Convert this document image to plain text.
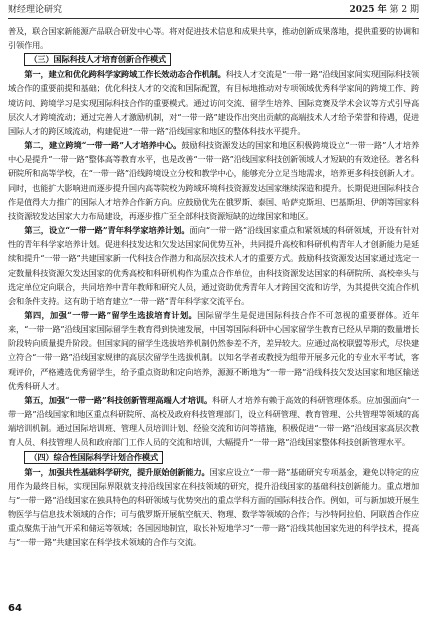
财经理论研究	2025 年 第 2 期

普及，联合国家新能源产品联合研发中心等。将对促进技术信息和成果共享，推动创新成果落地，提供重要的协调和引领作用。

（三）国际科技人才培育创新合作模式

第一，建立和优化跨科学家跨域工作长效动态合作机制。科技人才交流是“一带一路”沿线国家间实现国际科技领域合作的重要前提和基础；优化科技人才的交流和国际配置，有目标地推动对专项领域优秀科学家间的跨境工作、跨境访问、跨境学习是实现国际科技合作的重要模式。通过访问交流、留学生培养、国际竞赛及学术会议等方式引导高层次人才跨境流动；通过完善人才激励机制，对“一带一路”建设作出突出贡献的高端技术人才给予荣誉和待遇，促进国际人才的跨区域流动，构建促进“一带一路”沿线国家和地区的整体科技水平提升。

第二，建立跨境“一带一路”人才培养中心。鼓励科技资源发达的国家和地区积极跨境设立“一带一路”人才培养中心是提升“一带一路”整体高等教育水平，也是改善“一带一路”沿线国家科技创新领域人才短缺的有效途径。著名科研院所和高等学校，在“一带一路”沿线跨境设立分校和教学中心，能够充分立足当地需求，培养更多科技创新人才。同时，也能扩大影响进而逐步提升国内高等院校为跨域环境科技资源发达国家继续深造和提升。长期促进国际科技合作是值得大力推广的国际人才培养合作新方向。应鼓励优先在俄罗斯、泰国、哈萨克斯坦、巴基斯坦、伊朗等国家科技资源较发达国家大力布局建设，再逐步推广至全部科技资源短缺的边缘国家和地区。

第三，设立“一带一路”青年科学家培养计划。面向“一带一路”沿线国家重点和紧领域的科研领域，开设有针对性的青年科学家培养计划。促进科技发达和欠发达国家间优势互补，共同提升高校和科研机构青年人才创新能力是延续和提升“一带一路”共建国家新一代科技合作潜力和高层次技术人才的重要方式。鼓励科技资源发达国家通过选定一定数量科技资源欠发达国家的优秀高校和科研机构作为重点合作单位，由科技资源发达国家的科研院所、高校牵头与选定单位定向联合，共同培养中青年教师和研究人员，通过资助优秀青年人才跨国交流和访学，为其提供交流合作机会和条件支持。这有助于培育建立“一带一路”青年科学家交流平台。

第四，加强“一带一路”留学生选拔培育计划。国际留学生是促进国际科技合作不可忽视的重要群体。近年来，“一带一路”沿线国家国际留学生教育得到快速发展，中国等国际科研中心国家留学生教育已经从早期的数量增长阶段转向质量提升阶段。但国家间的留学生选拔培养机制仍然参差不齐，差异较大。应通过高校联盟等形式，尽快建立符合“一带一路”沿线国家规律的高层次留学生选拔机制。以知名学者或教授为组带开展多元化的专业水平考试，客观评价，严格遴选优秀留学生，给予重点资助和定向培养，源源不断地为“一带一路”沿线科技欠发达国家和地区输送优秀科研人才。

第五，加强“一带一路”科技创新管理高端人才培训。科研人才培养有赖于高效的科研管理体系。应加强面向“一带一路”沿线国家和地区重点科研院所、高校及政府科技管理部门，设立科研管理、教育管理、公共管理等领域的高端培训机制。通过国际培训班、管理人员培训计划、经验交流和访问等措施，积极促进“一带一路”沿线国家高层次教育人员、科技管理人员和政府部门工作人员的交流和培训，大幅提升“一带一路”沿线国家整体科技创新管理水平。

（四）综合性国际科学计划合作模式

第一，加强共性基础科学研究，提升原始创新能力。国家应设立“一带一路”基础研究专项基金，避免以特定的应用作为最终目标，实现国际界限就支持沿线国家在科技领域的研究，提升沿线国家的基础科技创新能力。重点增加与“一带一路”沿线国家在独具特色的科研领域与优势突出的重点学科方面的国际科技合作。例如，可与新加坡开展生物医学与信息技术领域的合作；可与俄罗斯开展航空航天、物理、数学等领域的合作；与沙特阿拉伯、阿联酋合作应重点聚焦于油气开采和储运等领域；各国因地制宜，取长补短地学习“一带一路”沿线其他国家先进的科学技术，提高与“一带一路”共建国家在科学技术领域的合作与交流。

64
